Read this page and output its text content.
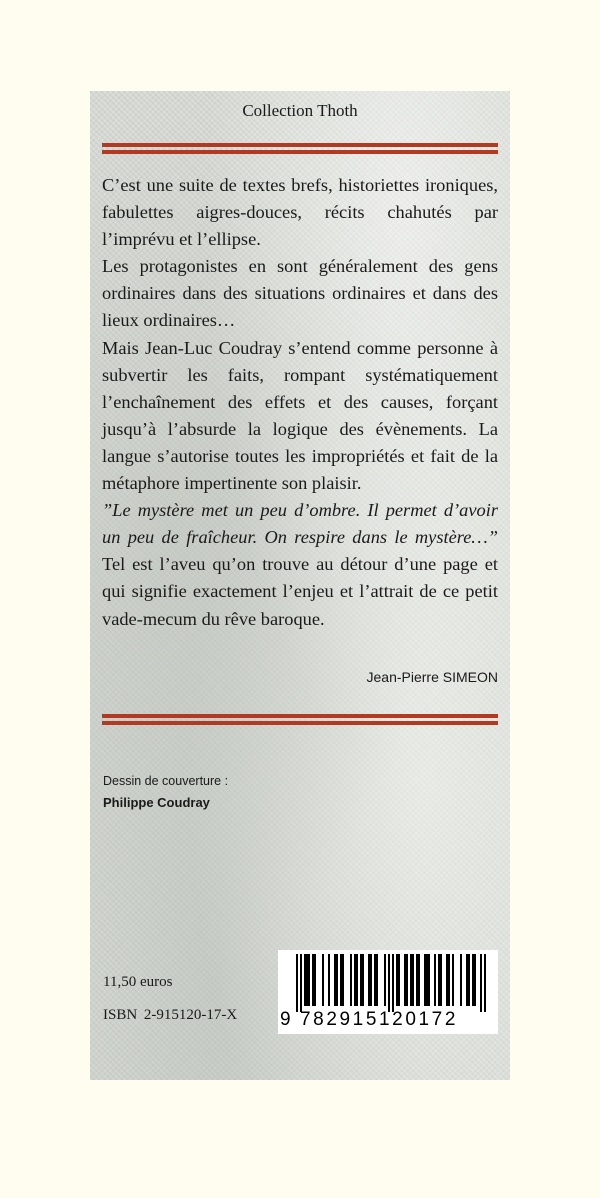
Collection Thoth

C’est une suite de textes brefs, historiettes ironiques, fabulettes aigres-douces, récits chahutés par l’imprévu et l’ellipse.

Les protagonistes en sont généralement des gens ordinaires dans des situations ordinaires et dans des lieux ordinaires…

Mais Jean-Luc Coudray s’entend comme personne à subvertir les faits, rompant systématiquement l’enchaînement des effets et des causes, forçant jusqu’à l’absurde la logique des évènements. La langue s’autorise toutes les impropriétés et fait de la métaphore impertinente son plaisir.

”Le mystère met un peu d’ombre. Il permet d’avoir un peu de fraîcheur. On respire dans le mystère…” Tel est l’aveu qu’on trouve au détour d’une page et qui signifie exactement l’enjeu et l’attrait de ce petit vade-mecum du rêve baroque.

Jean-Pierre SIMEON
Dessin de couverture :
Philippe Coudray
11,50 euros
ISBN 2-915120-17-X 9 782915120172
